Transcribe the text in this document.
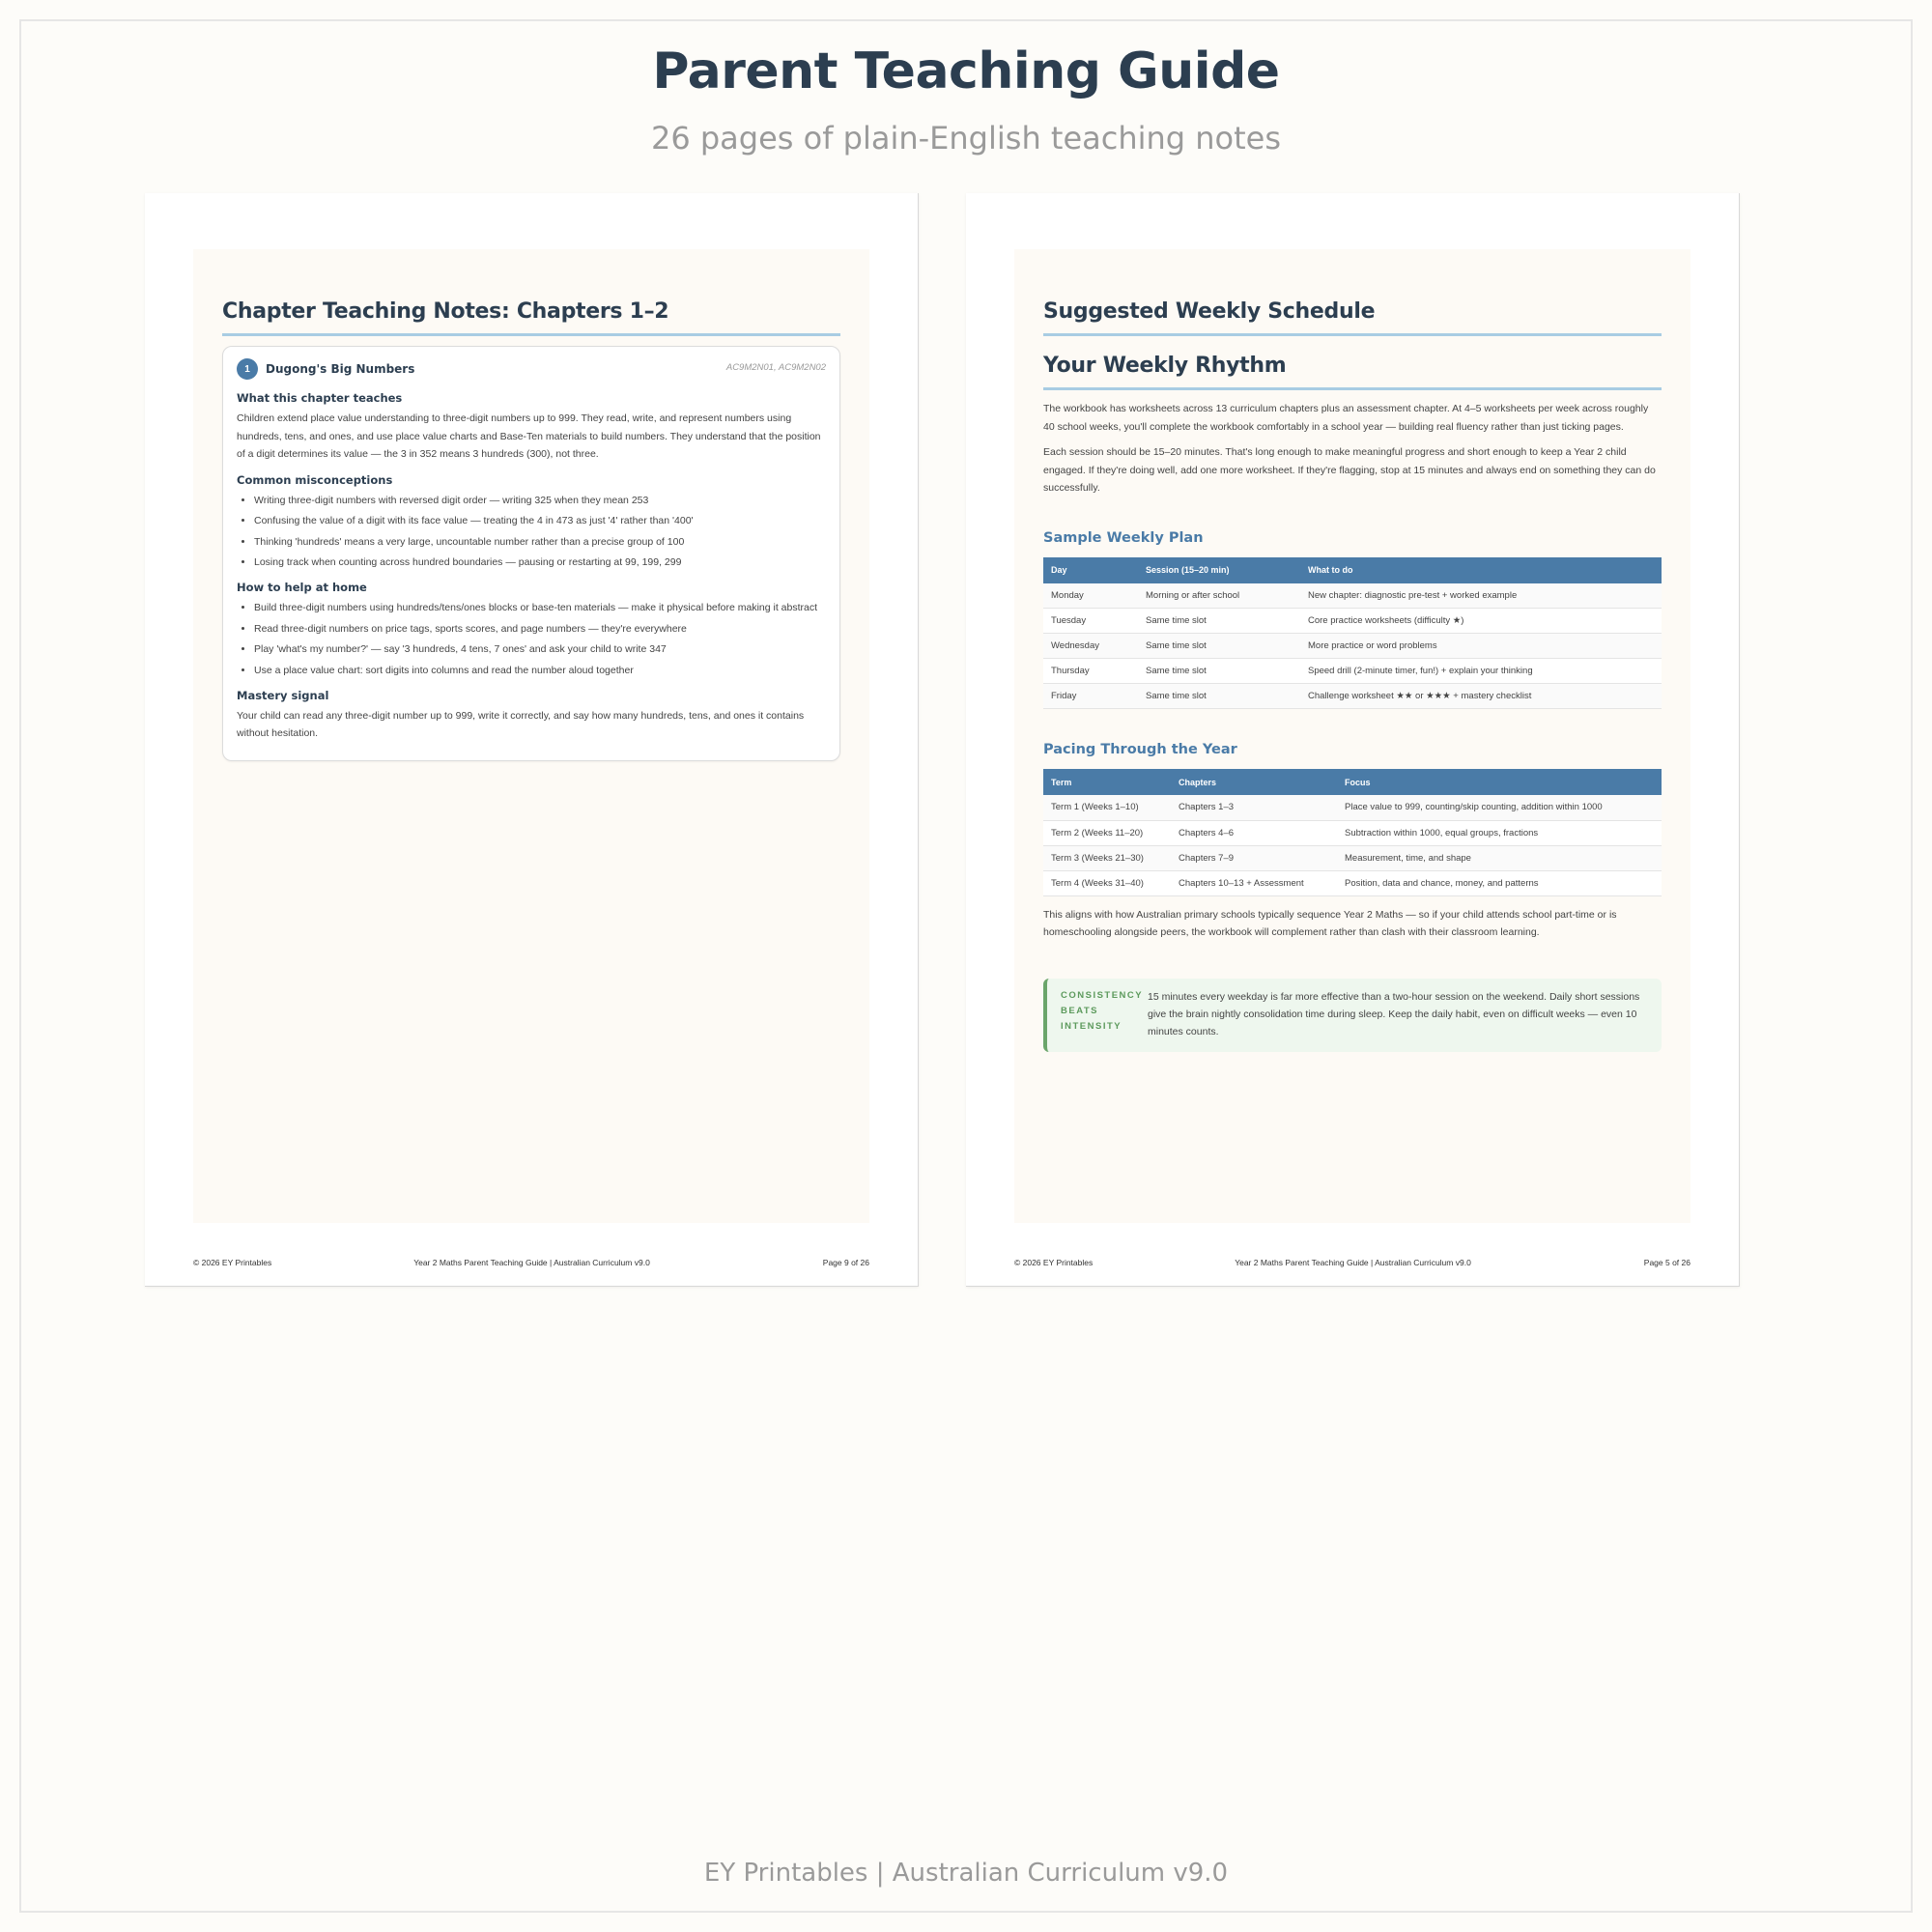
Parent Teaching Guide
26 pages of plain-English teaching notes
Chapter Teaching Notes: Chapters 1–2
1	Dugong's Big Numbers	AC9M2N01, AC9M2N02
What this chapter teaches
Children extend place value understanding to three-digit numbers up to 999. They read, write, and represent numbers using hundreds, tens, and ones, and use place value charts and Base-Ten materials to build numbers. They understand that the position of a digit determines its value — the 3 in 352 means 3 hundreds (300), not three.
Common misconceptions
• Writing three-digit numbers with reversed digit order — writing 325 when they mean 253
• Confusing the value of a digit with its face value — treating the 4 in 473 as just '4' rather than '400'
• Thinking 'hundreds' means a very large, uncountable number rather than a precise group of 100
• Losing track when counting across hundred boundaries — pausing or restarting at 99, 199, 299
How to help at home
• Build three-digit numbers using hundreds/tens/ones blocks or base-ten materials — make it physical before making it abstract
• Read three-digit numbers on price tags, sports scores, and page numbers — they're everywhere
• Play 'what's my number?' — say '3 hundreds, 4 tens, 7 ones' and ask your child to write 347
• Use a place value chart: sort digits into columns and read the number aloud together
Mastery signal
Your child can read any three-digit number up to 999, write it correctly, and say how many hundreds, tens, and ones it contains without hesitation.
© 2026 EY Printables	Year 2 Maths Parent Teaching Guide | Australian Curriculum v9.0	Page 9 of 26
Suggested Weekly Schedule
Your Weekly Rhythm
The workbook has worksheets across 13 curriculum chapters plus an assessment chapter. At 4–5 worksheets per week across roughly 40 school weeks, you'll complete the workbook comfortably in a school year — building real fluency rather than just ticking pages.
Each session should be 15–20 minutes. That's long enough to make meaningful progress and short enough to keep a Year 2 child engaged. If they're doing well, add one more worksheet. If they're flagging, stop at 15 minutes and always end on something they can do successfully.
Sample Weekly Plan
Day	Session (15–20 min)	What to do
Monday	Morning or after school	New chapter: diagnostic pre-test + worked example
Tuesday	Same time slot	Core practice worksheets (difficulty ★)
Wednesday	Same time slot	More practice or word problems
Thursday	Same time slot	Speed drill (2-minute timer, fun!) + explain your thinking
Friday	Same time slot	Challenge worksheet ★★ or ★★★ + mastery checklist
Pacing Through the Year
Term	Chapters	Focus
Term 1 (Weeks 1–10)	Chapters 1–3	Place value to 999, counting/skip counting, addition within 1000
Term 2 (Weeks 11–20)	Chapters 4–6	Subtraction within 1000, equal groups, fractions
Term 3 (Weeks 21–30)	Chapters 7–9	Measurement, time, and shape
Term 4 (Weeks 31–40)	Chapters 10–13 + Assessment	Position, data and chance, money, and patterns
This aligns with how Australian primary schools typically sequence Year 2 Maths — so if your child attends school part-time or is homeschooling alongside peers, the workbook will complement rather than clash with their classroom learning.
CONSISTENCY BEATS INTENSITY
15 minutes every weekday is far more effective than a two-hour session on the weekend. Daily short sessions give the brain nightly consolidation time during sleep. Keep the daily habit, even on difficult weeks — even 10 minutes counts.
© 2026 EY Printables	Year 2 Maths Parent Teaching Guide | Australian Curriculum v9.0	Page 5 of 26
EY Printables | Australian Curriculum v9.0
